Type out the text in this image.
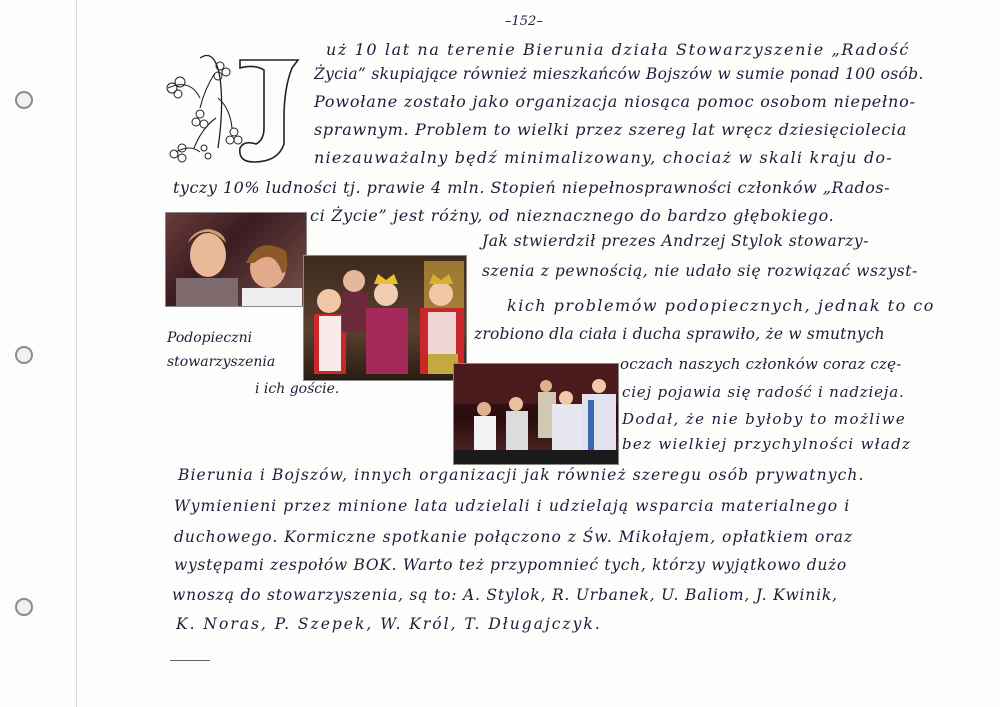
–152–
uż 10 lat na terenie Bierunia działa Stowarzyszenie „Radość
Życia” skupiające również mieszkańców Bojszów w sumie ponad 100 osób.
Powołane zostało jako organizacja niosąca pomoc osobom niepełno-
sprawnym. Problem to wielki przez szereg lat wręcz dziesięciolecia
niezauważalny będź minimalizowany, chociaż w skali kraju do-
tyczy 10% ludności tj. prawie 4 mln. Stopień niepełnosprawności członków „Rados-
ci Życie” jest różny, od nieznacznego do bardzo głębokiego.
Jak stwierdził prezes Andrzej Stylok stowarzy-
szenia z pewnością, nie udało się rozwiązać wszyst-
kich problemów podopiecznych, jednak to co
zrobiono dla ciała i ducha sprawiło, że w smutnych
oczach naszych członków coraz czę-
ciej pojawia się radość i nadzieja.
Dodał, że nie byłoby to możliwe
bez wielkiej przychylności władz
Bierunia i Bojszów, innych organizacji jak również szeregu osób prywatnych.
Wymienieni przez minione lata udzielali i udzielają wsparcia materialnego i
duchowego. Kormiczne spotkanie połączono z Św. Mikołajem, opłatkiem oraz
występami zespołów BOK. Warto też przypomnieć tych, którzy wyjątkowo dużo
wnoszą do stowarzyszenia, są to: A. Stylok, R. Urbanek, U. Baliom, J. Kwinik,
K. Noras, P. Szepek, W. Król, T. Długajczyk.
Podopieczni
stowarzyszenia
i ich goście.
